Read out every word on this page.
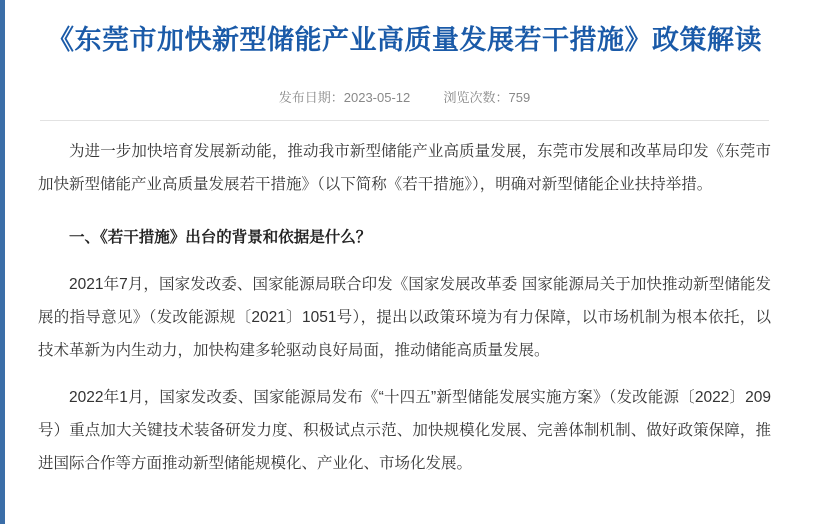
《东莞市加快新型储能产业高质量发展若干措施》政策解读
发布日期：2023-05-12	浏览次数：759

为进一步加快培育发展新动能，推动我市新型储能产业高质量发展，东莞市发展和改革局印发《东莞市加快新型储能产业高质量发展若干措施》（以下简称《若干措施》），明确对新型储能企业扶持举措。

一、《若干措施》出台的背景和依据是什么？

2021年7月，国家发改委、国家能源局联合印发《国家发展改革委 国家能源局关于加快推动新型储能发展的指导意见》（发改能源规〔2021〕1051号），提出以政策环境为有力保障，以市场机制为根本依托，以技术革新为内生动力，加快构建多轮驱动良好局面，推动储能高质量发展。

2022年1月，国家发改委、国家能源局发布《“十四五”新型储能发展实施方案》（发改能源〔2022〕209号）重点加大关键技术装备研发力度、积极试点示范、加快规模化发展、完善体制机制、做好政策保障，推进国际合作等方面推动新型储能规模化、产业化、市场化发展。
